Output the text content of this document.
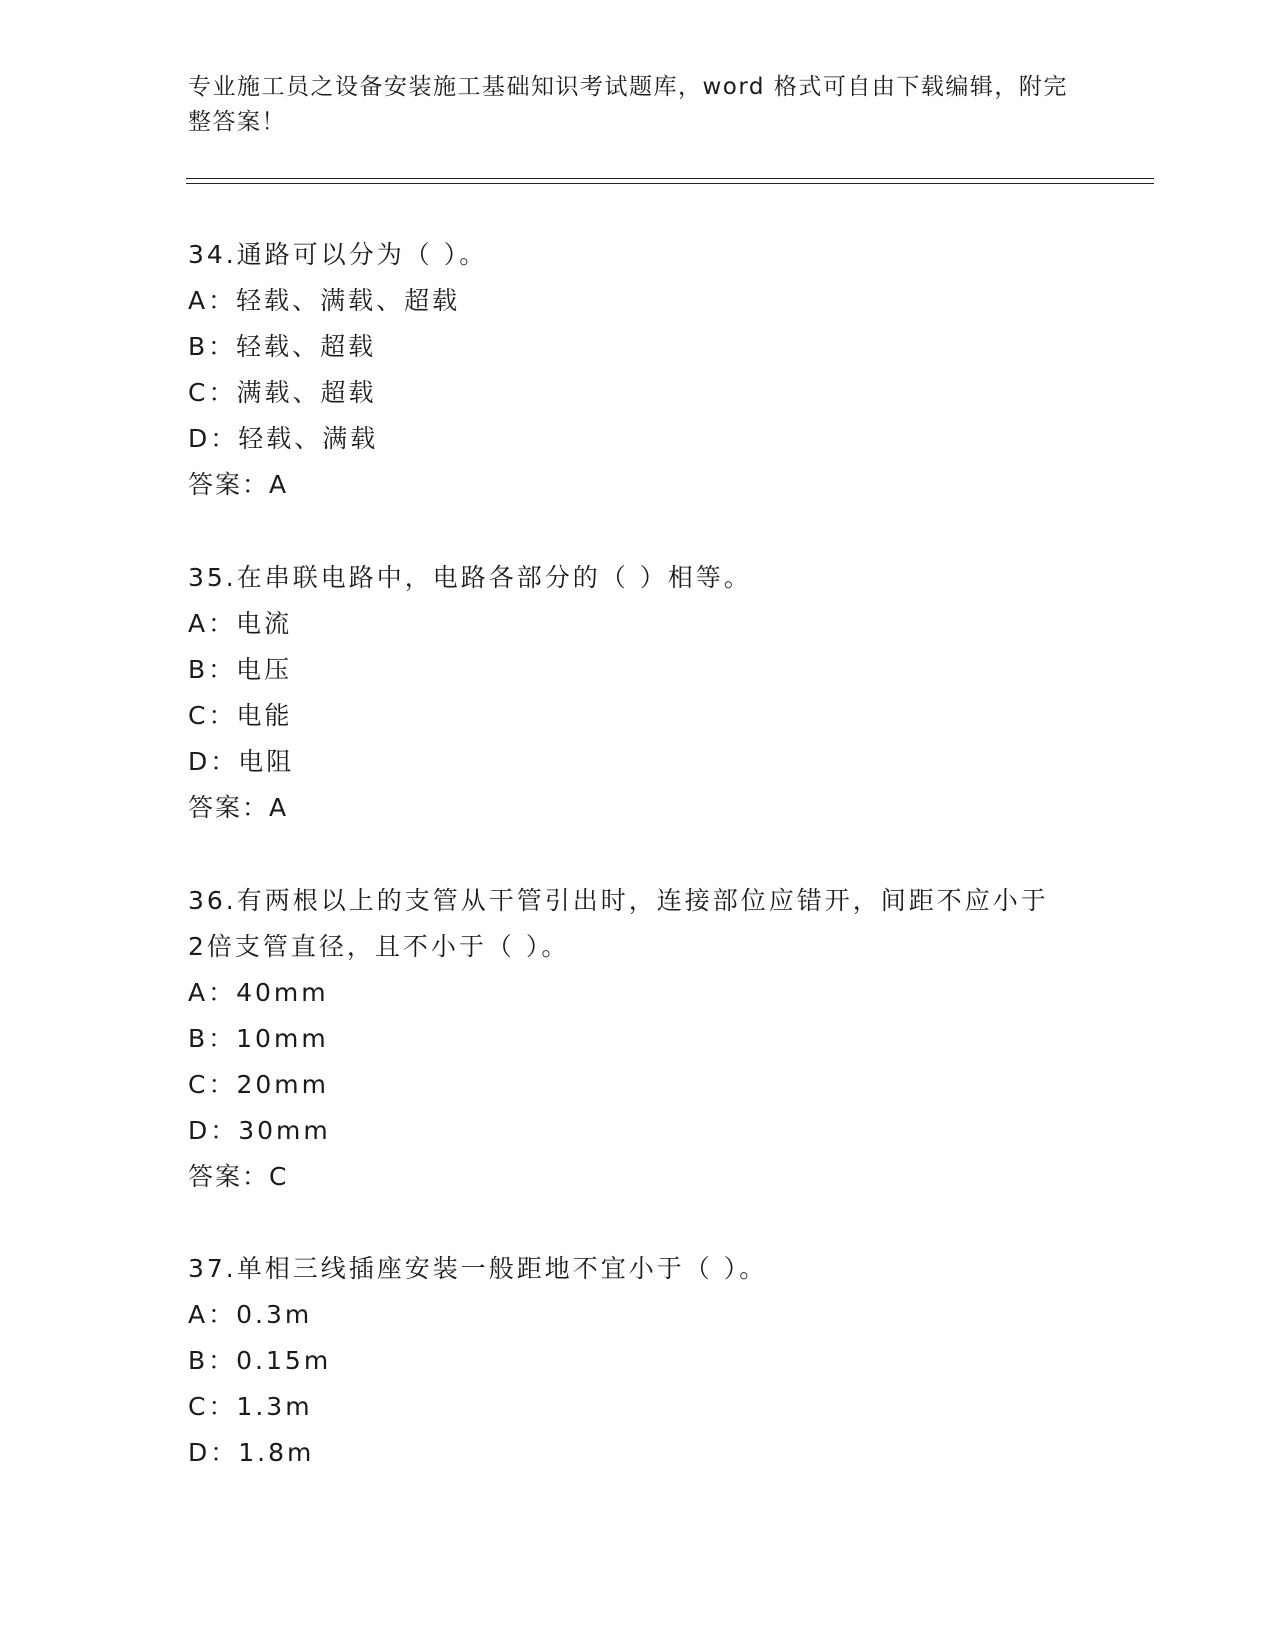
专业施工员之设备安装施工基础知识考试题库，word 格式可自由下载编辑，附完
整答案！
34.通路可以分为（ ）。
A：轻载、满载、超载
B：轻载、超载
C：满载、超载
D：轻载、满载
答案：A
35.在串联电路中，电路各部分的（ ）相等。
A：电流
B：电压
C：电能
D：电阻
答案：A
36.有两根以上的支管从干管引出时，连接部位应错开，间距不应小于
2倍支管直径，且不小于（ ）。
A：40mm
B：10mm
C：20mm
D：30mm
答案：C
37.单相三线插座安装一般距地不宜小于（ ）。
A：0.3m
B：0.15m
C：1.3m
D：1.8m
